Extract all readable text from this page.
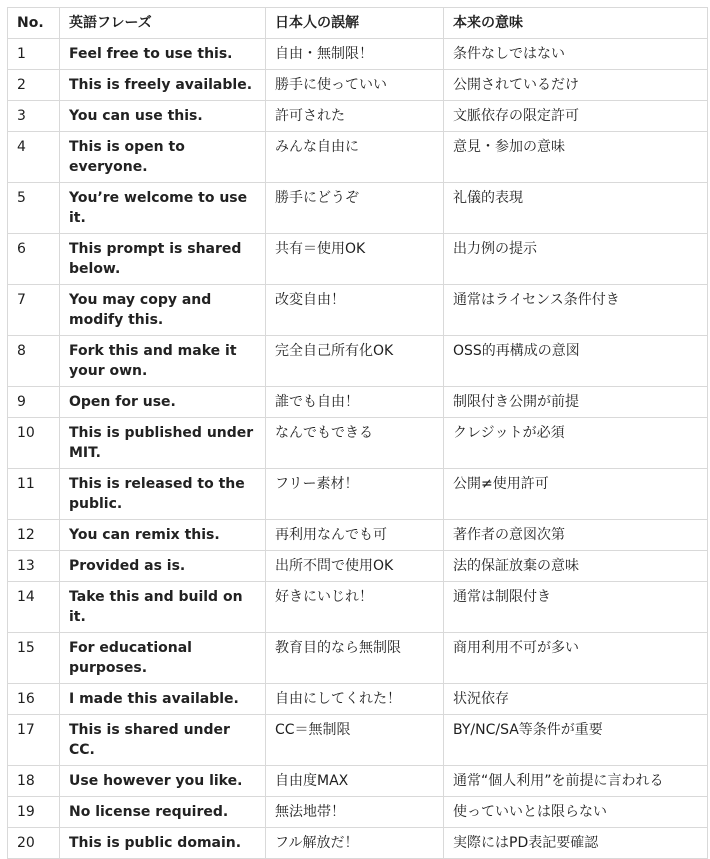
No.	英語フレーズ	日本人の誤解	本来の意味
1	Feel free to use this.	自由・無制限！	条件なしではない
2	This is freely available.	勝手に使っていい	公開されているだけ
3	You can use this.	許可された	文脈依存の限定許可
4	This is open to everyone.	みんな自由に	意見・参加の意味
5	You’re welcome to use it.	勝手にどうぞ	礼儀的表現
6	This prompt is shared below.	共有＝使用OK	出力例の提示
7	You may copy and modify this.	改変自由！	通常はライセンス条件付き
8	Fork this and make it your own.	完全自己所有化OK	OSS的再構成の意図
9	Open for use.	誰でも自由！	制限付き公開が前提
10	This is published under MIT.	なんでもできる	クレジットが必須
11	This is released to the public.	フリー素材！	公開≠使用許可
12	You can remix this.	再利用なんでも可	著作者の意図次第
13	Provided as is.	出所不問で使用OK	法的保証放棄の意味
14	Take this and build on it.	好きにいじれ！	通常は制限付き
15	For educational purposes.	教育目的なら無制限	商用利用不可が多い
16	I made this available.	自由にしてくれた！	状況依存
17	This is shared under CC.	CC＝無制限	BY/NC/SA等条件が重要
18	Use however you like.	自由度MAX	通常“個人利用”を前提に言われる
19	No license required.	無法地帯！	使っていいとは限らない
20	This is public domain.	フル解放だ！	実際にはPD表記要確認
